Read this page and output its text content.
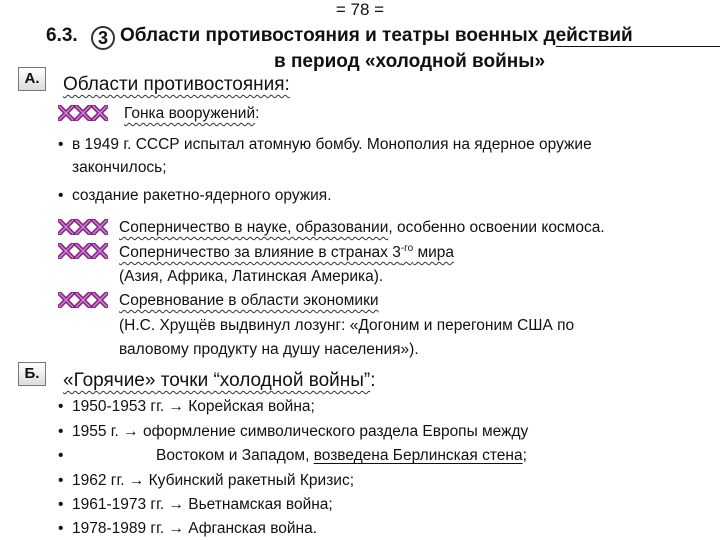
= 78 =
6.3.	3 Области противостояния и театры военных действий
в период «холодной войны»
А.	Области противостояния:
Гонка вооружений:
• в 1949 г. СССР испытал атомную бомбу. Монополия на ядерное оружие
закончилось;
• создание ракетно-ядерного оружия.
Соперничество в науке, образовании, особенно освоении космоса.
Соперничество за влияние в странах $3^{-го}$ мира
(Азия, Африка, Латинская Америка).
Соревнование в области экономики
(Н.С. Хрущёв выдвинул лозунг: «Догоним и перегоним США по
валовому продукту на душу населения»).
Б.	«Горячие» точки “холодной войны”:
• 1950-1953 гг. → Корейская война;
• 1955 г. → оформление символического раздела Европы между
•	Востоком и Западом, возведена Берлинская стена;
• 1962 гг. → Кубинский ракетный Кризис;
• 1961-1973 гг. → Вьетнамская война;
• 1978-1989 гг. → Афганская война.
